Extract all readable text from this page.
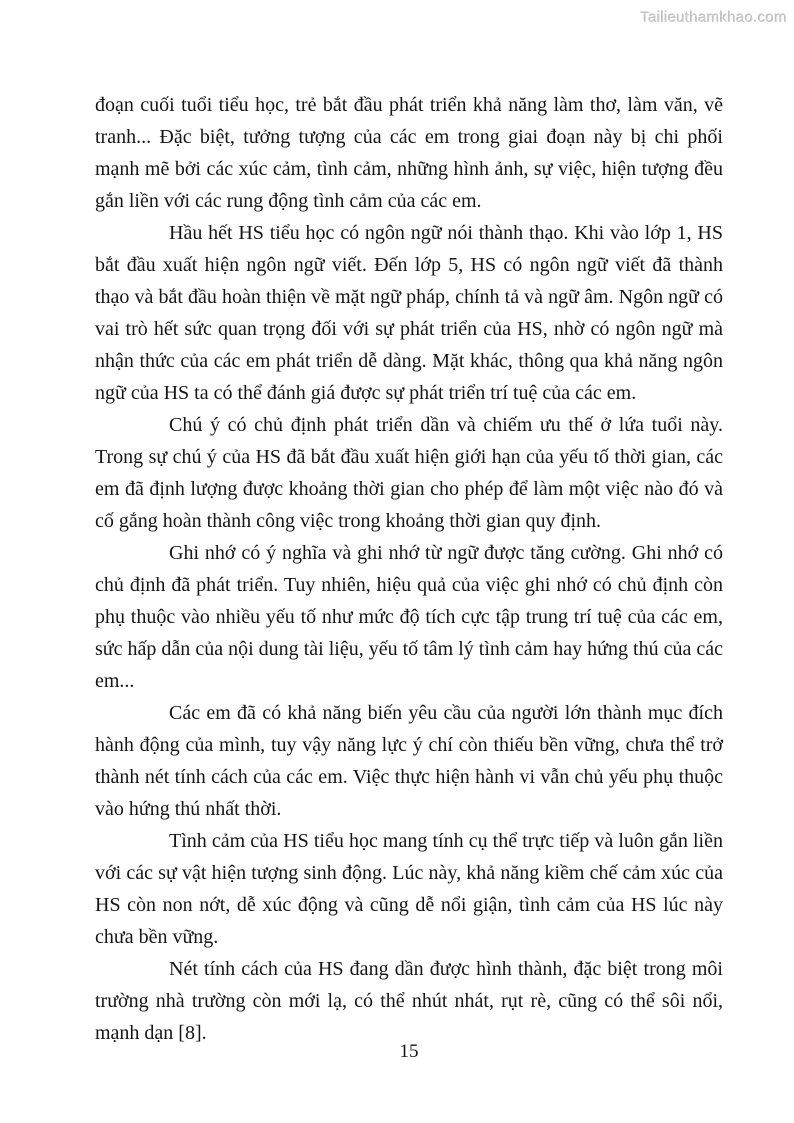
Tailieuthamkhao.com

đoạn cuối tuổi tiểu học, trẻ bắt đầu phát triển khả năng làm thơ, làm văn, vẽ tranh... Đặc biệt, tưởng tượng của các em trong giai đoạn này bị chi phối mạnh mẽ bởi các xúc cảm, tình cảm, những hình ảnh, sự việc, hiện tượng đều gắn liền với các rung động tình cảm của các em.

Hầu hết HS tiểu học có ngôn ngữ nói thành thạo. Khi vào lớp 1, HS bắt đầu xuất hiện ngôn ngữ viết. Đến lớp 5, HS có ngôn ngữ viết đã thành thạo và bắt đầu hoàn thiện về mặt ngữ pháp, chính tả và ngữ âm. Ngôn ngữ có vai trò hết sức quan trọng đối với sự phát triển của HS, nhờ có ngôn ngữ mà nhận thức của các em phát triển dễ dàng. Mặt khác, thông qua khả năng ngôn ngữ của HS ta có thể đánh giá được sự phát triển trí tuệ của các em.

Chú ý có chủ định phát triển dần và chiếm ưu thế ở lứa tuổi này. Trong sự chú ý của HS đã bắt đầu xuất hiện giới hạn của yếu tố thời gian, các em đã định lượng được khoảng thời gian cho phép để làm một việc nào đó và cố gắng hoàn thành công việc trong khoảng thời gian quy định.

Ghi nhớ có ý nghĩa và ghi nhớ từ ngữ được tăng cường. Ghi nhớ có chủ định đã phát triển. Tuy nhiên, hiệu quả của việc ghi nhớ có chủ định còn phụ thuộc vào nhiều yếu tố như mức độ tích cực tập trung trí tuệ của các em, sức hấp dẫn của nội dung tài liệu, yếu tố tâm lý tình cảm hay hứng thú của các em...

Các em đã có khả năng biến yêu cầu của người lớn thành mục đích hành động của mình, tuy vậy năng lực ý chí còn thiếu bền vững, chưa thể trở thành nét tính cách của các em. Việc thực hiện hành vi vẫn chủ yếu phụ thuộc vào hứng thú nhất thời.

Tình cảm của HS tiểu học mang tính cụ thể trực tiếp và luôn gắn liền với các sự vật hiện tượng sinh động. Lúc này, khả năng kiềm chế cảm xúc của HS còn non nớt, dễ xúc động và cũng dễ nổi giận, tình cảm của HS lúc này chưa bền vững.

Nét tính cách của HS đang dần được hình thành, đặc biệt trong môi trường nhà trường còn mới lạ, có thể nhút nhát, rụt rè, cũng có thể sôi nổi, mạnh dạn [8].

15
